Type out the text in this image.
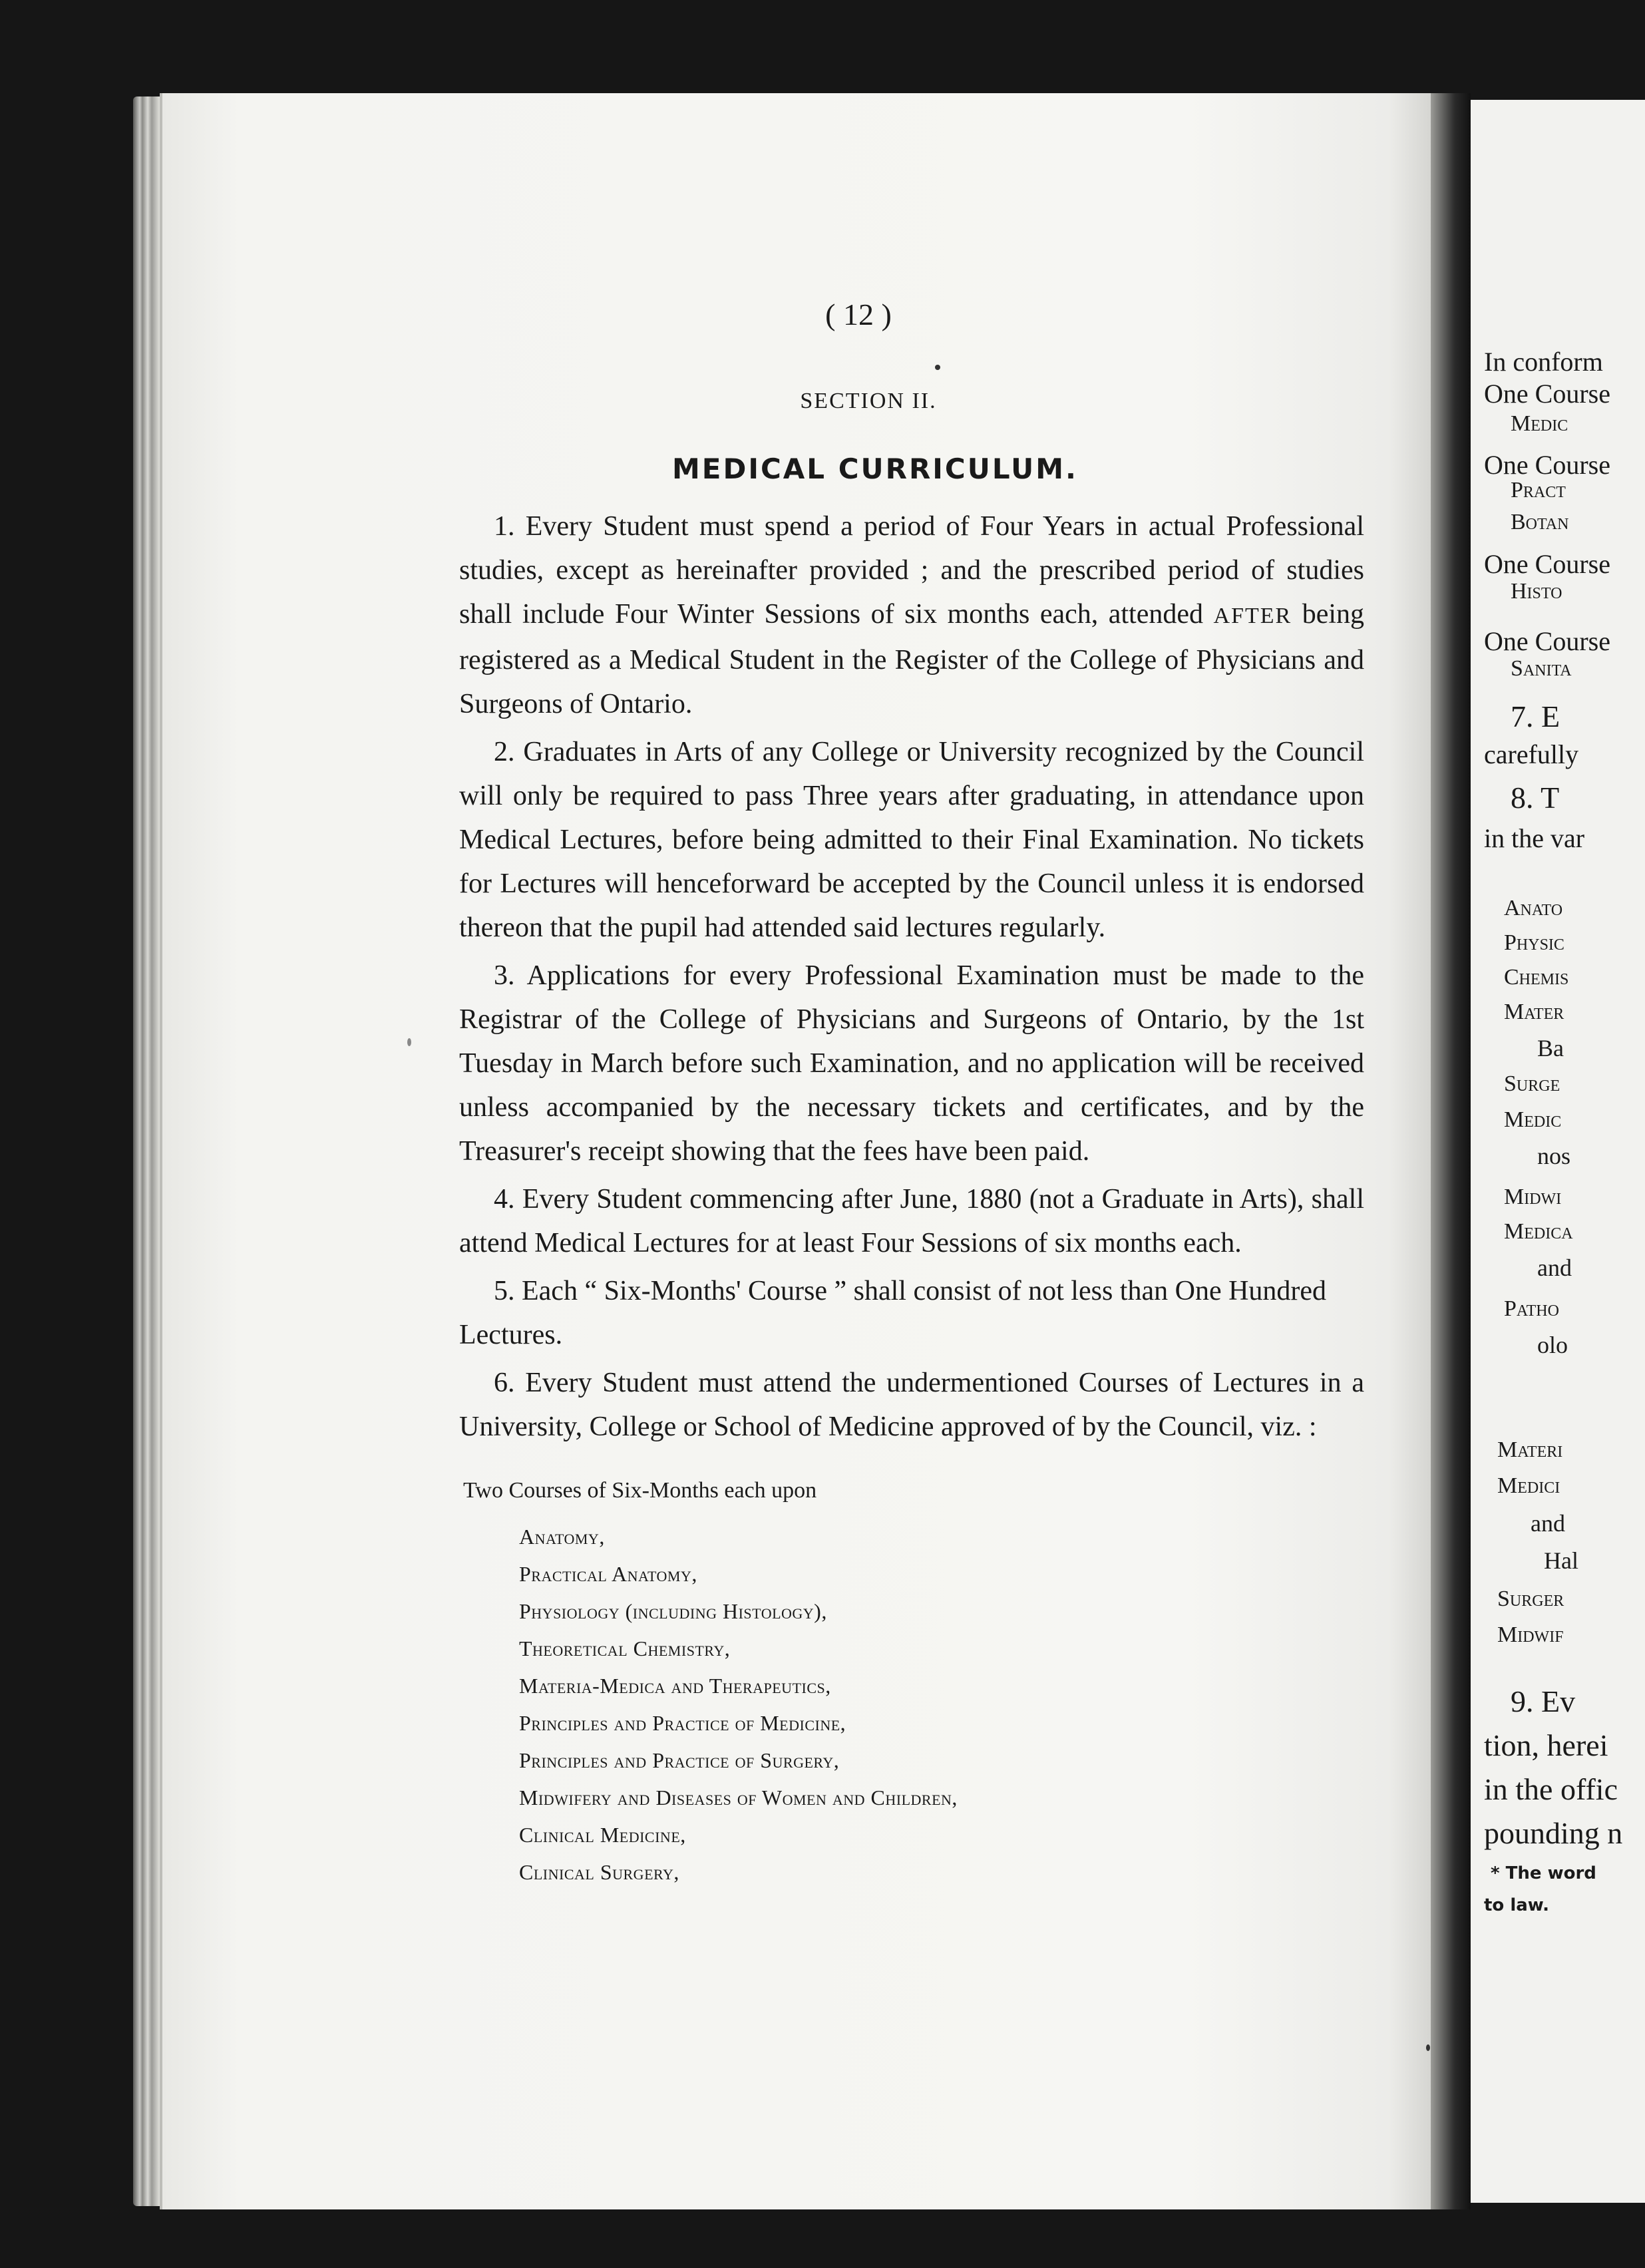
( 12 )
SECTION II.
MEDICAL CURRICULUM.

1. Every Student must spend a period of Four Years in actual Professional studies, except as hereinafter provided ; and the prescribed period of studies shall include Four Winter Sessions of six months each, attended AFTER being registered as a Medical Student in the Register of the College of Physicians and Surgeons of Ontario.

2. Graduates in Arts of any College or University recognized by the Council will only be required to pass Three years after graduating, in attendance upon Medical Lectures, before being admitted to their Final Examination. No tickets for Lectures will henceforward be accepted by the Council unless it is endorsed thereon that the pupil had attended said lectures regularly.

3. Applications for every Professional Examination must be made to the Registrar of the College of Physicians and Surgeons of Ontario, by the 1st Tuesday in March before such Examination, and no application will be received unless accompanied by the necessary tickets and certificates, and by the Treasurer's receipt showing that the fees have been paid.

4. Every Student commencing after June, 1880 (not a Graduate in Arts), shall attend Medical Lectures for at least Four Sessions of six months each.

5. Each “ Six-Months' Course ” shall consist of not less than One Hundred Lectures.

6. Every Student must attend the undermentioned Courses of Lectures in a University, College or School of Medicine approved of by the Council, viz. :

Two Courses of Six-Months each upon
Anatomy,
Practical Anatomy,
Physiology (including Histology),
Theoretical Chemistry,
Materia-Medica and Therapeutics,
Principles and Practice of Medicine,
Principles and Practice of Surgery,
Midwifery and Diseases of Women and Children,
Clinical Medicine,
Clinical Surgery,
In conform
One Course
Medic
One Course
Pract
Botan
One Course
Histo
One Course
Sanita
7. E
carefully
8. T
in the var
Anato
Physic
Chemis
Mater
Ba
Surge
Medic
nos
Midwi
Medica
and
Patho
olo
Materi
Medici
and
Hal
Surger
Midwif
9. Ev
tion, herei
in the offic
pounding n
* The word
to law.
